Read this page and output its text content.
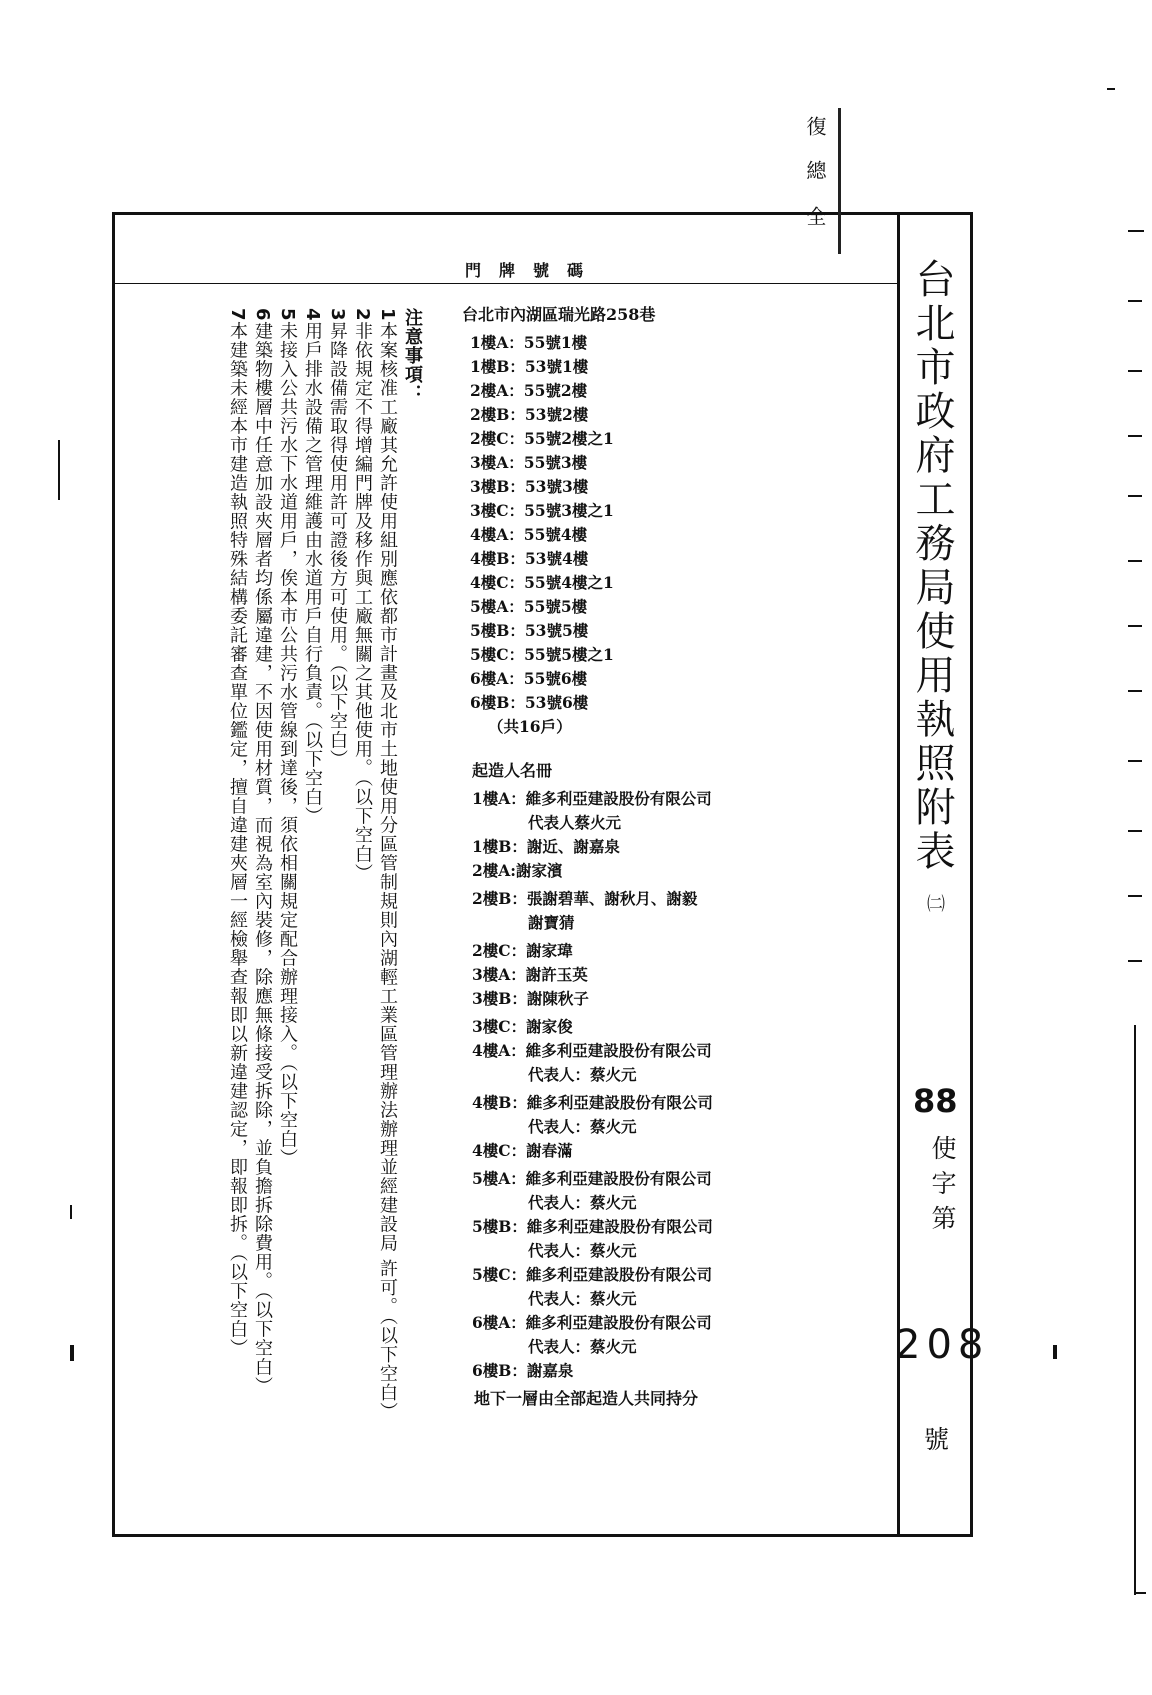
復
總
全
門牌號碼	台北市政府工務局使用執照附表
㈡
88
使字第
208
號
注意事項：
1本案核准工廠其允許使用組別應依都市計畫及北市土地使用分區管制規則內湖輕工業區管理辦法辦理並經建設局 許可。（以下空白）
2非依規定不得增編門牌及移作與工廠無關之其他使用。（以下空白）
3昇降設備需取得使用許可證後方可使用。（以下空白）
4用戶排水設備之管理維護由水道用戶自行負責。（以下空白）
5未接入公共污水下水道用戶，俟本市公共污水管線到達後，須依相關規定配合辦理接入。（以下空白）
6建築物樓層中任意加設夾層者均係屬違建，不因使用材質，而視為室內裝修，除應無條接受拆除，並負擔拆除費用。（以下空白）
7本建築未經本市建造執照特殊結構委託審查單位鑑定，擅自違建夾層一經檢舉查報即以新違建認定，即報即拆。（以下空白）
台北市內湖區瑞光路258巷
1樓A：55號1樓
1樓B：53號1樓
2樓A：55號2樓
2樓B：53號2樓
2樓C：55號2樓之1
3樓A：55號3樓
3樓B：53號3樓
3樓C：55號3樓之1
4樓A：55號4樓
4樓B：53號4樓
4樓C：55號4樓之1
5樓A：55號5樓
5樓B：53號5樓
5樓C：55號5樓之1
6樓A：55號6樓
6樓B：53號6樓
（共16戶）
起造人名冊
1樓A：維多利亞建設股份有限公司
代表人蔡火元
1樓B：謝近、謝嘉泉
2樓A:謝家濱
2樓B：張謝碧華、謝秋月、謝毅
謝寶猜
2樓C：謝家瑋
3樓A：謝許玉英
3樓B：謝陳秋子
3樓C：謝家俊
4樓A：維多利亞建設股份有限公司
代表人：蔡火元
4樓B：維多利亞建設股份有限公司
代表人：蔡火元
4樓C：謝春滿
5樓A：維多利亞建設股份有限公司
代表人：蔡火元
5樓B：維多利亞建設股份有限公司
代表人：蔡火元
5樓C：維多利亞建設股份有限公司
代表人：蔡火元
6樓A：維多利亞建設股份有限公司
代表人：蔡火元
6樓B：謝嘉泉
地下一層由全部起造人共同持分
